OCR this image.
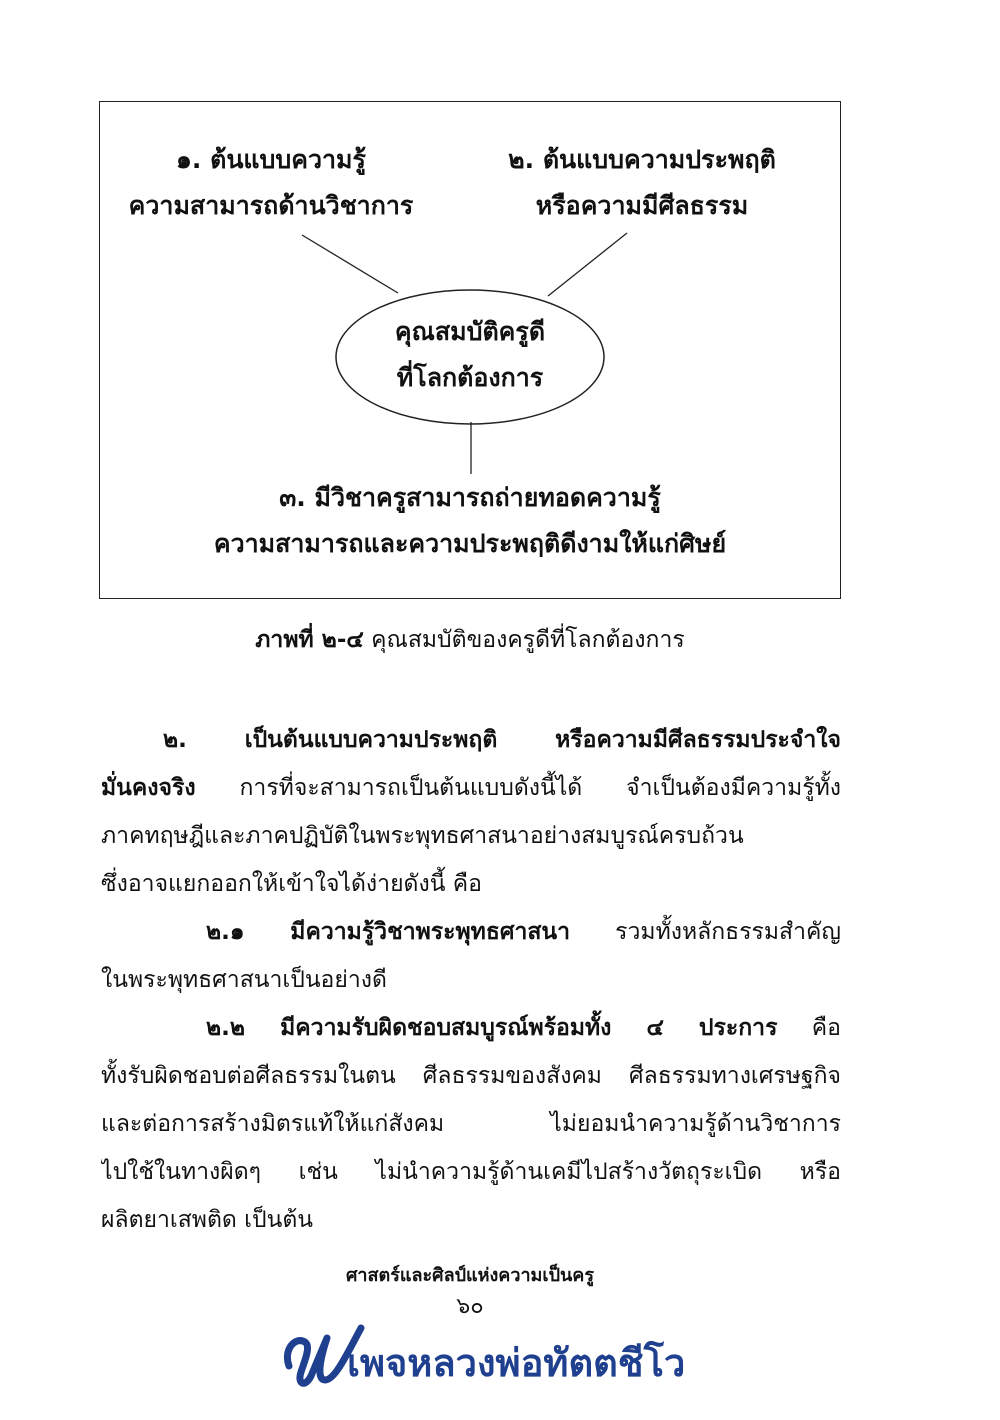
๑. ต้นแบบความรู้
ความสามารถด้านวิชาการ
๒. ต้นแบบความประพฤติ
หรือความมีศีลธรรม
คุณสมบัติครูดี
ที่โลกต้องการ
๓. มีวิชาครูสามารถถ่ายทอดความรู้
ความสามารถและความประพฤติดีงามให้แก่ศิษย์
ภาพที่ ๒-๔ คุณสมบัติของครูดีที่โลกต้องการ
๒. เป็นต้นแบบความประพฤติ หรือความมีศีลธรรมประจำใจ
มั่นคงจริง การที่จะสามารถเป็นต้นแบบดังนี้ได้ จำเป็นต้องมีความรู้ทั้ง
ภาคทฤษฎีและภาคปฏิบัติในพระพุทธศาสนาอย่างสมบูรณ์ครบถ้วน
ซึ่งอาจแยกออกให้เข้าใจได้ง่ายดังนี้ คือ
๒.๑ มีความรู้วิชาพระพุทธศาสนา รวมทั้งหลักธรรมสำคัญ
ในพระพุทธศาสนาเป็นอย่างดี
๒.๒ มีความรับผิดชอบสมบูรณ์พร้อมทั้ง ๔ ประการ คือ
ทั้งรับผิดชอบต่อศีลธรรมในตน ศีลธรรมของสังคม ศีลธรรมทางเศรษฐกิจ
และต่อการสร้างมิตรแท้ให้แก่สังคม ไม่ยอมนำความรู้ด้านวิชาการ
ไปใช้ในทางผิดๆ เช่น ไม่นำความรู้ด้านเคมีไปสร้างวัตถุระเบิด หรือ
ผลิตยาเสพติด เป็นต้น
ศาสตร์และศิลป์แห่งความเป็นครู
๖๐
เพจหลวงพ่อทัตตชีโว
